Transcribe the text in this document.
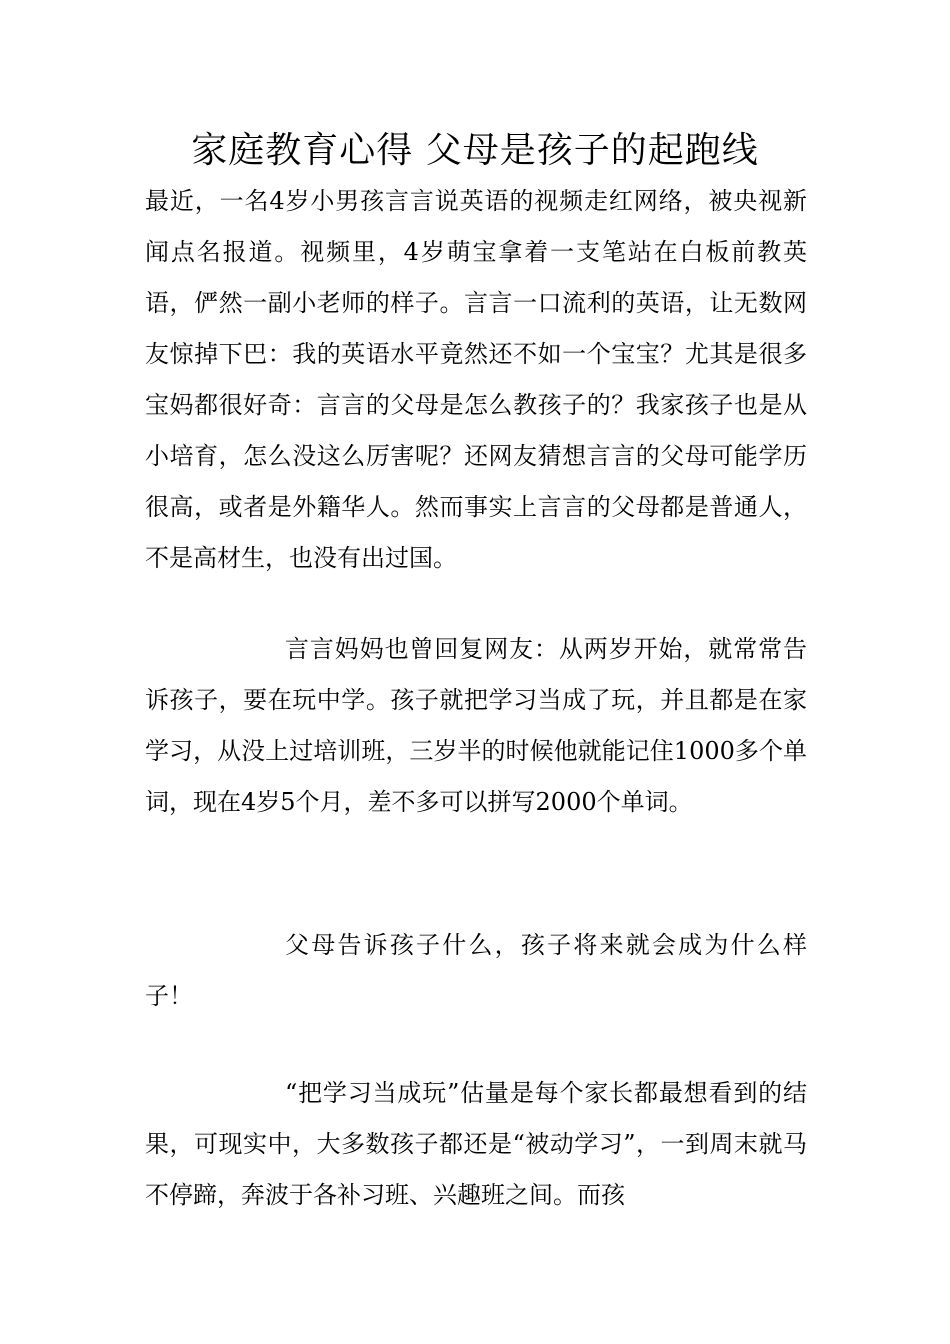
家庭教育心得 父母是孩子的起跑线

最近，一名4岁小男孩言言说英语的视频走红网络，被央视新闻点名报道。视频里，4岁萌宝拿着一支笔站在白板前教英语，俨然一副小老师的样子。言言一口流利的英语，让无数网友惊掉下巴：我的英语水平竟然还不如一个宝宝？尤其是很多宝妈都很好奇：言言的父母是怎么教孩子的？我家孩子也是从小培育，怎么没这么厉害呢？还网友猜想言言的父母可能学历很高，或者是外籍华人。然而事实上言言的父母都是普通人，不是高材生，也没有出过国。

言言妈妈也曾回复网友：从两岁开始，就常常告诉孩子，要在玩中学。孩子就把学习当成了玩，并且都是在家学习，从没上过培训班，三岁半的时候他就能记住1000多个单词，现在4岁5个月，差不多可以拼写2000个单词。

父母告诉孩子什么，孩子将来就会成为什么样子！

“把学习当成玩”估量是每个家长都最想看到的结果，可现实中，大多数孩子都还是“被动学习”，一到周末就马不停蹄，奔波于各补习班、兴趣班之间。而孩
